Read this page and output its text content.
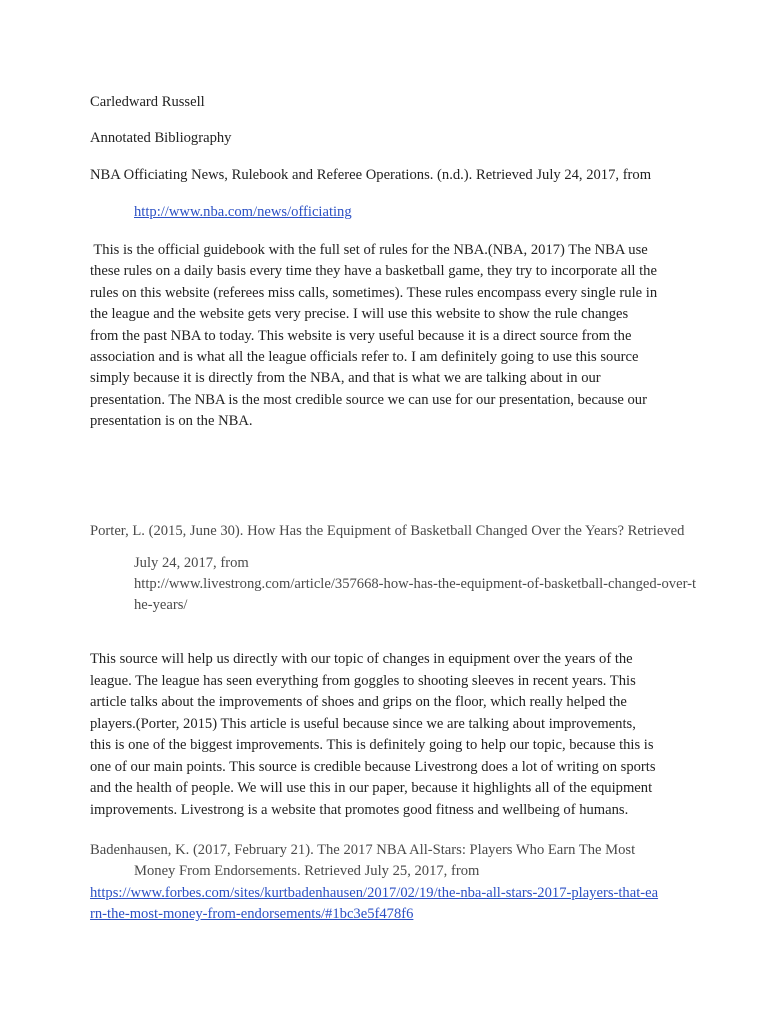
Carledward Russell
Annotated Bibliography
NBA Officiating News, Rulebook and Referee Operations. (n.d.). Retrieved July 24, 2017, from
http://www.nba.com/news/officiating
This is the official guidebook with the full set of rules for the NBA.(NBA, 2017) The NBA use
these rules on a daily basis every time they have a basketball game, they try to incorporate all the
rules on this website (referees miss calls, sometimes). These rules encompass every single rule in
the league and the website gets very precise. I will use this website to show the rule changes
from the past NBA to today. This website is very useful because it is a direct source from the
association and is what all the league officials refer to. I am definitely going to use this source
simply because it is directly from the NBA, and that is what we are talking about in our
presentation. The NBA is the most credible source we can use for our presentation, because our
presentation is on the NBA.
Porter, L. (2015, June 30). How Has the Equipment of Basketball Changed Over the Years? Retrieved
July 24, 2017, from
http://www.livestrong.com/article/357668-how-has-the-equipment-of-basketball-changed-over-t
he-years/
This source will help us directly with our topic of changes in equipment over the years of the
league. The league has seen everything from goggles to shooting sleeves in recent years. This
article talks about the improvements of shoes and grips on the floor, which really helped the
players.(Porter, 2015) This article is useful because since we are talking about improvements,
this is one of the biggest improvements. This is definitely going to help our topic, because this is
one of our main points. This source is credible because Livestrong does a lot of writing on sports
and the health of people. We will use this in our paper, because it highlights all of the equipment
improvements. Livestrong is a website that promotes good fitness and wellbeing of humans.
Badenhausen, K. (2017, February 21). The 2017 NBA All-Stars: Players Who Earn The Most
Money From Endorsements. Retrieved July 25, 2017, from
https://www.forbes.com/sites/kurtbadenhausen/2017/02/19/the-nba-all-stars-2017-players-that-ea
rn-the-most-money-from-endorsements/#1bc3e5f478f6
